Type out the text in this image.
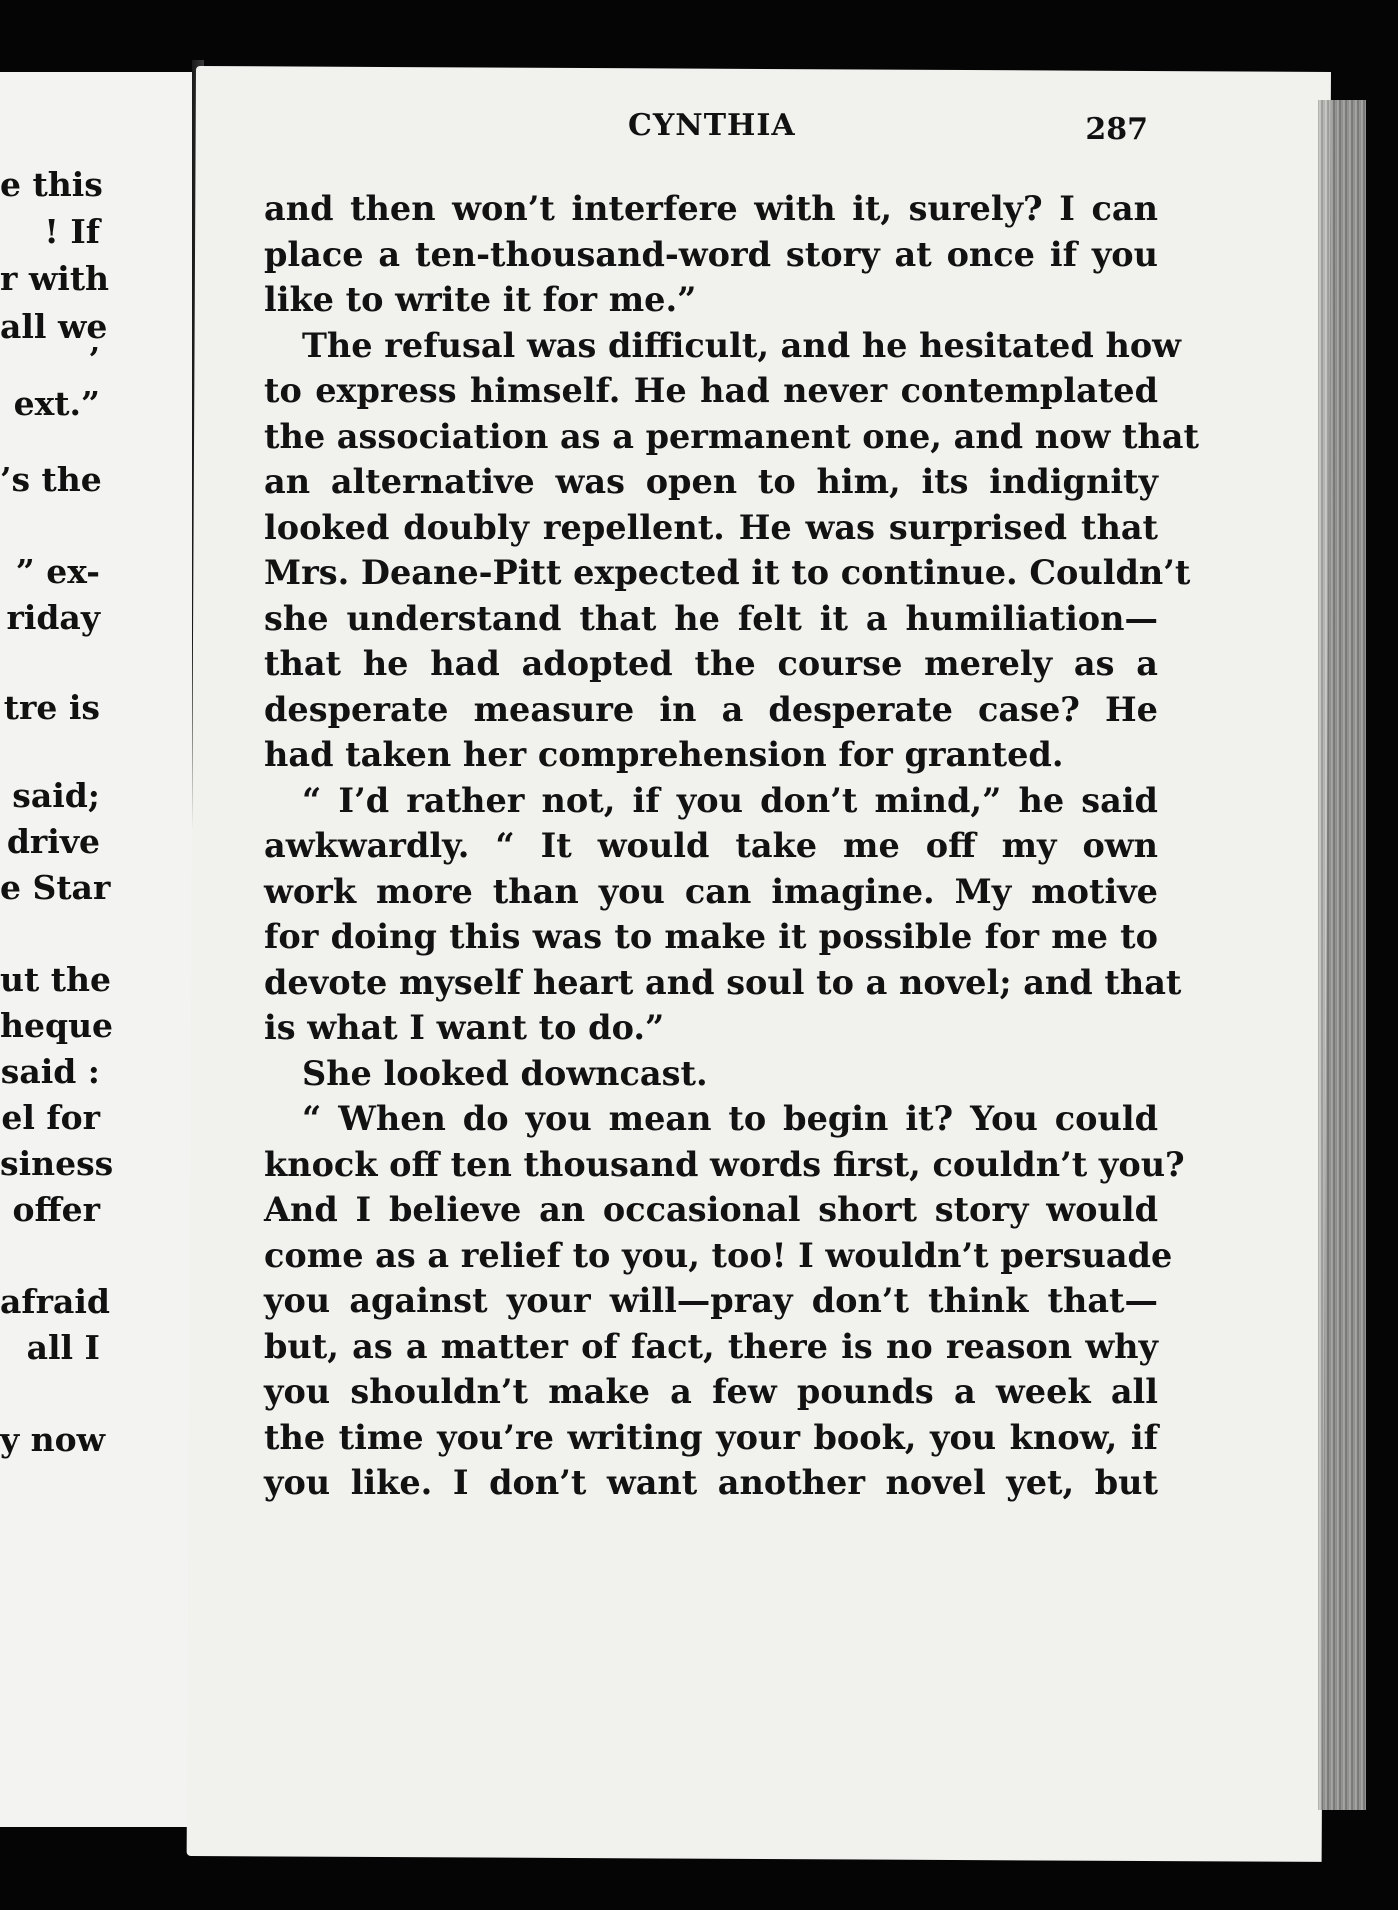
e this
! If
r with
all we
’
ext.”
’s the
” ex-
riday
tre is
said;
drive
e Star
ut the
heque
said :
el for
siness
offer
afraid
all I
y now
CYNTHIA	287
and then won’t interfere with it, surely? I can
place a ten-thousand-word story at once if you
like to write it for me.”
The refusal was difficult, and he hesitated how
to express himself. He had never contemplated
the association as a permanent one, and now that
an alternative was open to him, its indignity
looked doubly repellent. He was surprised that
Mrs. Deane-Pitt expected it to continue. Couldn’t
she understand that he felt it a humiliation—
that he had adopted the course merely as a
desperate measure in a desperate case? He
had taken her comprehension for granted.
“ I’d rather not, if you don’t mind,” he said
awkwardly. “ It would take me off my own
work more than you can imagine. My motive
for doing this was to make it possible for me to
devote myself heart and soul to a novel; and that
is what I want to do.”
She looked downcast.
“ When do you mean to begin it? You could
knock off ten thousand words first, couldn’t you?
And I believe an occasional short story would
come as a relief to you, too! I wouldn’t persuade
you against your will—pray don’t think that—
but, as a matter of fact, there is no reason why
you shouldn’t make a few pounds a week all
the time you’re writing your book, you know, if
you like. I don’t want another novel yet, but
